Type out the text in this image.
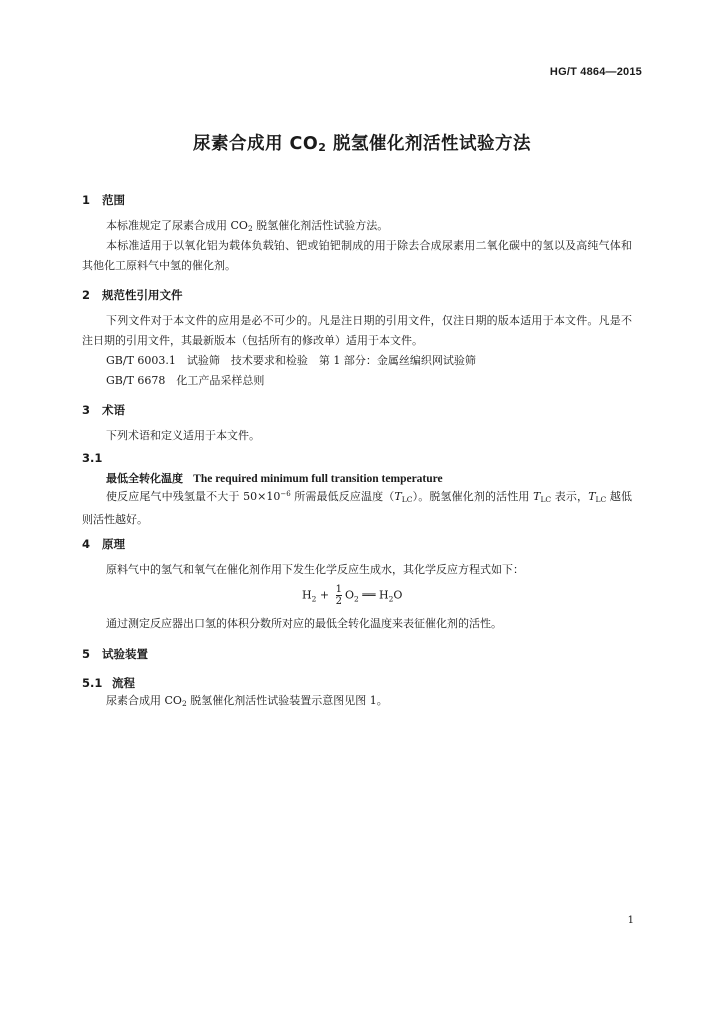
HG/T 4864—2015
尿素合成用 $CO_2$ 脱氢催化剂活性试验方法
1 范围
本标准规定了尿素合成用 $CO_2$ 脱氢催化剂活性试验方法。
本标准适用于以氧化铝为载体负载铂、钯或铂钯制成的用于除去合成尿素用二氧化碳中的氢以及高纯气体和其他化工原料气中氢的催化剂。
2 规范性引用文件
下列文件对于本文件的应用是必不可少的。凡是注日期的引用文件，仅注日期的版本适用于本文件。凡是不注日期的引用文件，其最新版本（包括所有的修改单）适用于本文件。
GB/T 6003.1　试验筛　技术要求和检验　第 1 部分：金属丝编织网试验筛
GB/T 6678　化工产品采样总则
3 术语
下列术语和定义适用于本文件。
3.1
最低全转化温度 The required minimum full transition temperature
使反应尾气中残氢量不大于 $50\times 10^{-6}$ 所需最低反应温度$(T_{LC})$。脱氢催化剂的活性用 $T_{LC}$ 表示，$T_{LC}$ 越低则活性越好。
4 原理
原料气中的氢气和氧气在催化剂作用下发生化学反应生成水，其化学反应方程式如下：
$H_2 + \frac{1}{2} O_2$ ══ $H_2O$
通过测定反应器出口氢的体积分数所对应的最低全转化温度来表征催化剂的活性。
5 试验装置
5.1 流程
尿素合成用 $CO_2$ 脱氢催化剂活性试验装置示意图见图 1。
1
